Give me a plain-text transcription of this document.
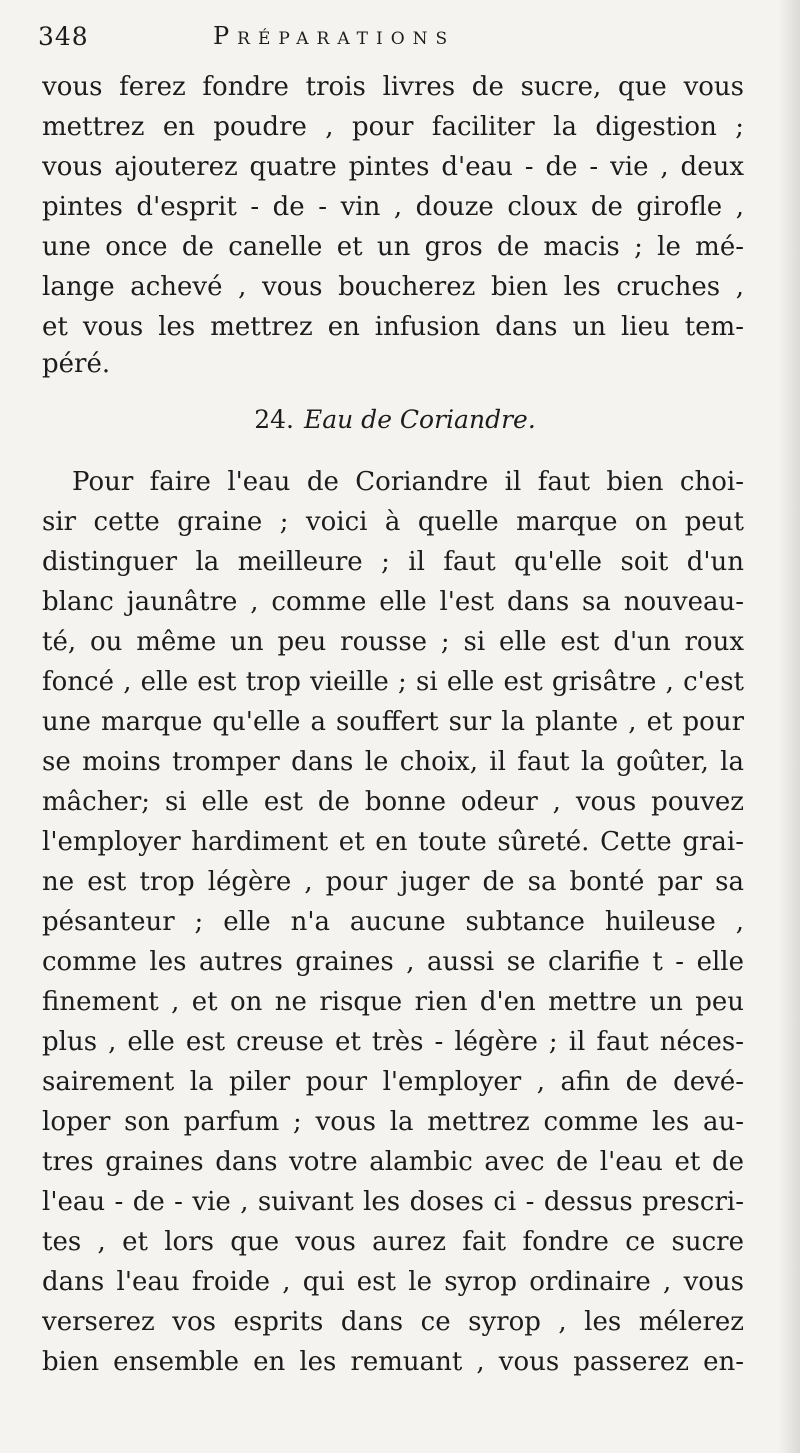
348	Préparations
vous ferez fondre trois livres de sucre, que vous
mettrez en poudre , pour faciliter la digestion ;
vous ajouterez quatre pintes d'eau - de - vie , deux
pintes d'esprit - de - vin , douze cloux de girofle ,
une once de canelle et un gros de macis ; le mé-
lange achevé , vous boucherez bien les cruches ,
et vous les mettrez en infusion dans un lieu tem-
péré.
24. Eau de Coriandre.
Pour faire l'eau de Coriandre il faut bien choi-
sir cette graine ; voici à quelle marque on peut
distinguer la meilleure ; il faut qu'elle soit d'un
blanc jaunâtre , comme elle l'est dans sa nouveau-
té, ou même un peu rousse ; si elle est d'un roux
foncé , elle est trop vieille ; si elle est grisâtre , c'est
une marque qu'elle a souffert sur la plante , et pour
se moins tromper dans le choix, il faut la goûter, la
mâcher; si elle est de bonne odeur , vous pouvez
l'employer hardiment et en toute sûreté. Cette grai-
ne est trop légère , pour juger de sa bonté par sa
pésanteur ; elle n'a aucune subtance huileuse ,
comme les autres graines , aussi se clarifie t - elle
finement , et on ne risque rien d'en mettre un peu
plus , elle est creuse et très - légère ; il faut néces-
sairement la piler pour l'employer , afin de devé-
loper son parfum ; vous la mettrez comme les au-
tres graines dans votre alambic avec de l'eau et de
l'eau - de - vie , suivant les doses ci - dessus prescri-
tes , et lors que vous aurez fait fondre ce sucre
dans l'eau froide , qui est le syrop ordinaire , vous
verserez vos esprits dans ce syrop , les mélerez
bien ensemble en les remuant , vous passerez en-
